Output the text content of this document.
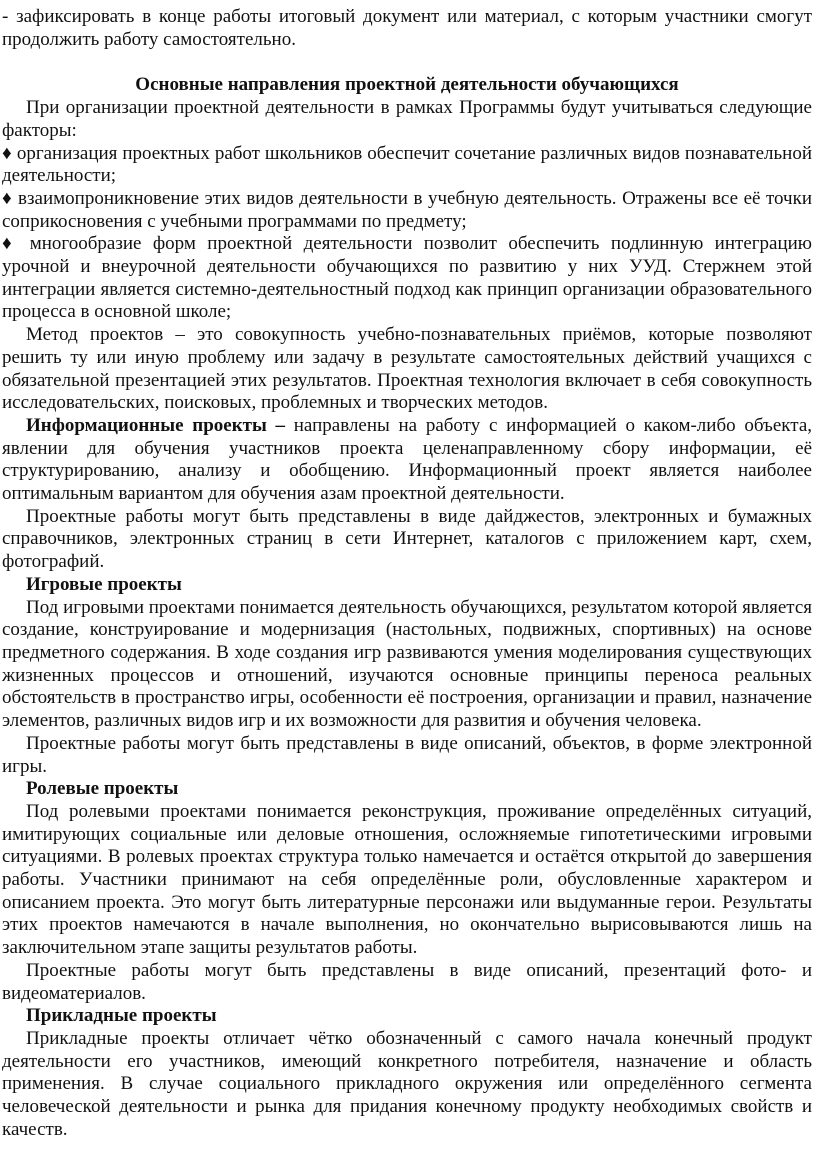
- зафиксировать в конце работы итоговый документ или материал, с которым участники смогут продолжить работу самостоятельно.

Основные направления проектной деятельности обучающихся

При организации проектной деятельности в рамках Программы будут учитываться следующие факторы:

♦ организация проектных работ школьников обеспечит сочетание различных видов познавательной деятельности;

♦ взаимопроникновение этих видов деятельности в учебную деятельность. Отражены все её точки соприкосновения с учебными программами по предмету;

♦ многообразие форм проектной деятельности позволит обеспечить подлинную интеграцию урочной и внеурочной деятельности обучающихся по развитию у них УУД. Стержнем этой интеграции является системно-деятельностный подход как принцип организации образовательного процесса в основной школе;

Метод проектов – это совокупность учебно-познавательных приёмов, которые позволяют решить ту или иную проблему или задачу в результате самостоятельных действий учащихся с обязательной презентацией этих результатов. Проектная технология включает в себя совокупность исследовательских, поисковых, проблемных и творческих методов.

Информационные проекты – направлены на работу с информацией о каком-либо объекта, явлении для обучения участников проекта целенаправленному сбору информации, её структурированию, анализу и обобщению. Информационный проект является наиболее оптимальным вариантом для обучения азам проектной деятельности.

Проектные работы могут быть представлены в виде дайджестов, электронных и бумажных справочников, электронных страниц в сети Интернет, каталогов с приложением карт, схем, фотографий.

Игровые проекты

Под игровыми проектами понимается деятельность обучающихся, результатом которой является создание, конструирование и модернизация (настольных, подвижных, спортивных) на основе предметного содержания. В ходе создания игр развиваются умения моделирования существующих жизненных процессов и отношений, изучаются основные принципы переноса реальных обстоятельств в пространство игры, особенности её построения, организации и правил, назначение элементов, различных видов игр и их возможности для развития и обучения человека.

Проектные работы могут быть представлены в виде описаний, объектов, в форме электронной игры.

Ролевые проекты

Под ролевыми проектами понимается реконструкция, проживание определённых ситуаций, имитирующих социальные или деловые отношения, осложняемые гипотетическими игровыми ситуациями. В ролевых проектах структура только намечается и остаётся открытой до завершения работы. Участники принимают на себя определённые роли, обусловленные характером и описанием проекта. Это могут быть литературные персонажи или выдуманные герои. Результаты этих проектов намечаются в начале выполнения, но окончательно вырисовываются лишь на заключительном этапе защиты результатов работы.

Проектные работы могут быть представлены в виде описаний, презентаций фото- и видеоматериалов.

Прикладные проекты

Прикладные проекты отличает чётко обозначенный с самого начала конечный продукт деятельности его участников, имеющий конкретного потребителя, назначение и область применения. В случае социального прикладного окружения или определённого сегмента человеческой деятельности и рынка для придания конечному продукту необходимых свойств и качеств.
